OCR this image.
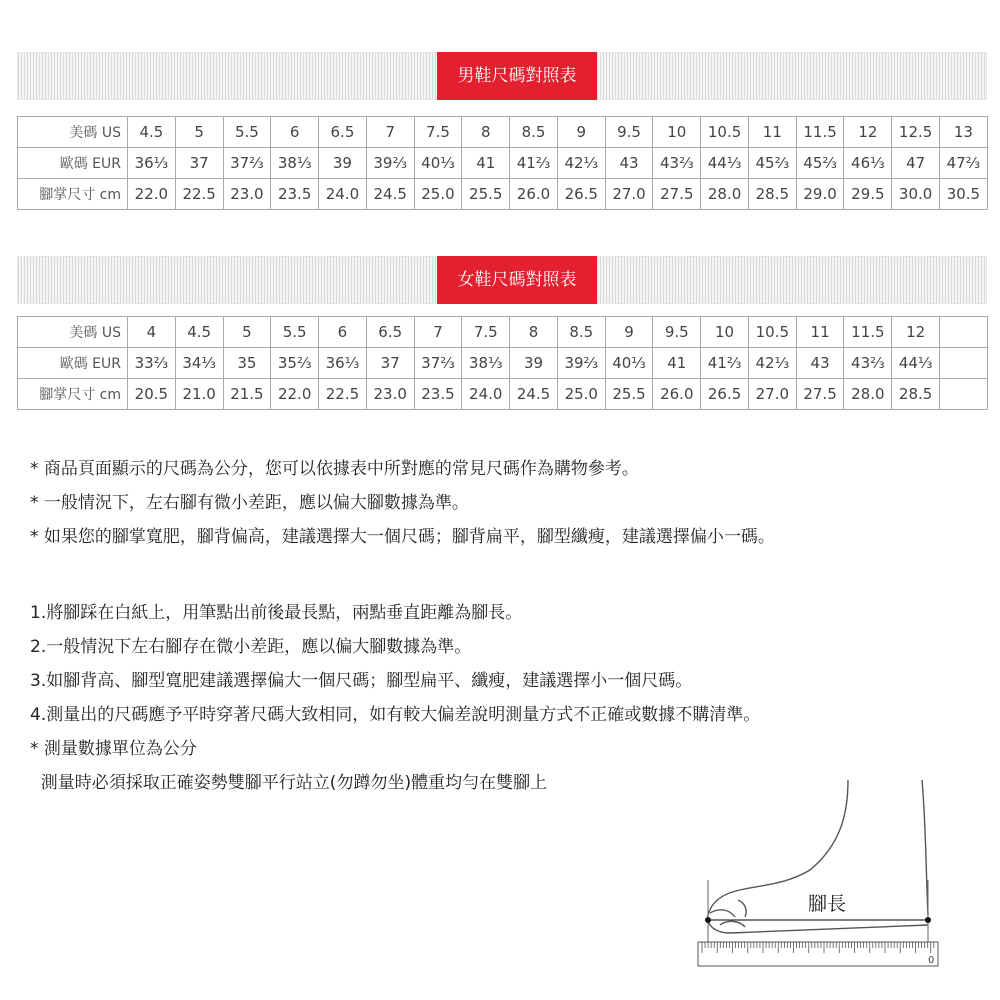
男鞋尺碼對照表
美碼 US	4.5	5	5.5	6	6.5	7	7.5	8	8.5	9	9.5	10	10.5	11	11.5	12	12.5	13
歐碼 EUR	36⅓	37	37⅔	38⅓	39	39⅔	40⅓	41	41⅔	42⅓	43	43⅔	44⅓	45⅔	45⅔	46⅓	47	47⅔
腳掌尺寸 cm	22.0	22.5	23.0	23.5	24.0	24.5	25.0	25.5	26.0	26.5	27.0	27.5	28.0	28.5	29.0	29.5	30.0	30.5
女鞋尺碼對照表
美碼 US	4	4.5	5	5.5	6	6.5	7	7.5	8	8.5	9	9.5	10	10.5	11	11.5	12	
歐碼 EUR	33⅔	34⅓	35	35⅔	36⅓	37	37⅔	38⅓	39	39⅔	40⅓	41	41⅔	42⅓	43	43⅔	44⅓	
腳掌尺寸 cm	20.5	21.0	21.5	22.0	22.5	23.0	23.5	24.0	24.5	25.0	25.5	26.0	26.5	27.0	27.5	28.0	28.5	
* 商品頁面顯示的尺碼為公分，您可以依據表中所對應的常見尺碼作為購物參考。
* 一般情況下，左右腳有微小差距，應以偏大腳數據為準。
* 如果您的腳掌寬肥，腳背偏高，建議選擇大一個尺碼；腳背扁平，腳型纖瘦，建議選擇偏小一碼。
1.將腳踩在白紙上，用筆點出前後最長點，兩點垂直距離為腳長。
2.一般情況下左右腳存在微小差距，應以偏大腳數據為準。
3.如腳背高、腳型寬肥建議選擇偏大一個尺碼；腳型扁平、纖瘦，建議選擇小一個尺碼。
4.測量出的尺碼應予平時穿著尺碼大致相同，如有較大偏差說明測量方式不正確或數據不購清準。
* 測量數據單位為公分
測量時必須採取正確姿勢雙腳平行站立(勿蹲勿坐)體重均勻在雙腳上
腳長
0
